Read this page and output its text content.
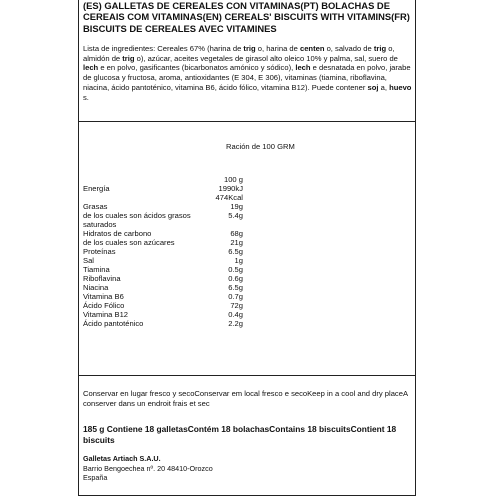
(ES) GALLETAS DE CEREALES CON VITAMINAS(PT) BOLACHAS DE CEREAIS COM VITAMINAS(EN) CEREALS' BISCUITS WITH VITAMINS(FR) BISCUITS DE CEREALES AVEC VITAMINES

Lista de ingredientes: Cereales 67% (harina de trig o, harina de centen o, salvado de trig o, almidón de trig o), azúcar, aceites vegetales de girasol alto oleico 10% y palma, sal, suero de lech e en polvo, gasificantes (bicarbonatos amónico y sódico), lech e desnatada en polvo, jarabe de glucosa y fructosa, aroma, antioxidantes (E 304, E 306), vitaminas (tiamina, riboflavina, niacina, ácido pantoténico, vitamina B6, ácido fólico, vitamina B12). Puede contener soj a, huevo s.

Ración de 100 GRM
100 g
Energía	1990kJ
474Kcal
Grasas	19g
de los cuales son ácidos grasos	5.4g
saturados
Hidratos de carbono	68g
de los cuales son azúcares	21g
Proteínas	6.5g
Sal	1g
Tiamina	0.5g
Riboflavina	0.6g
Niacina	6.5g
Vitamina B6	0.7g
Ácido Fólico	72g
Vitamina B12	0.4g
Ácido pantoténico	2.2g

Conservar en lugar fresco y secoConservar em local fresco e secoKeep in a cool and dry placeA conserver dans un endroit frais et sec

185 g Contiene 18 galletasContém 18 bolachasContains 18 biscuitsContient 18 biscuits

Galletas Artiach S.A.U.
Barrio Bengoechea nº. 20 48410-Orozco
España
